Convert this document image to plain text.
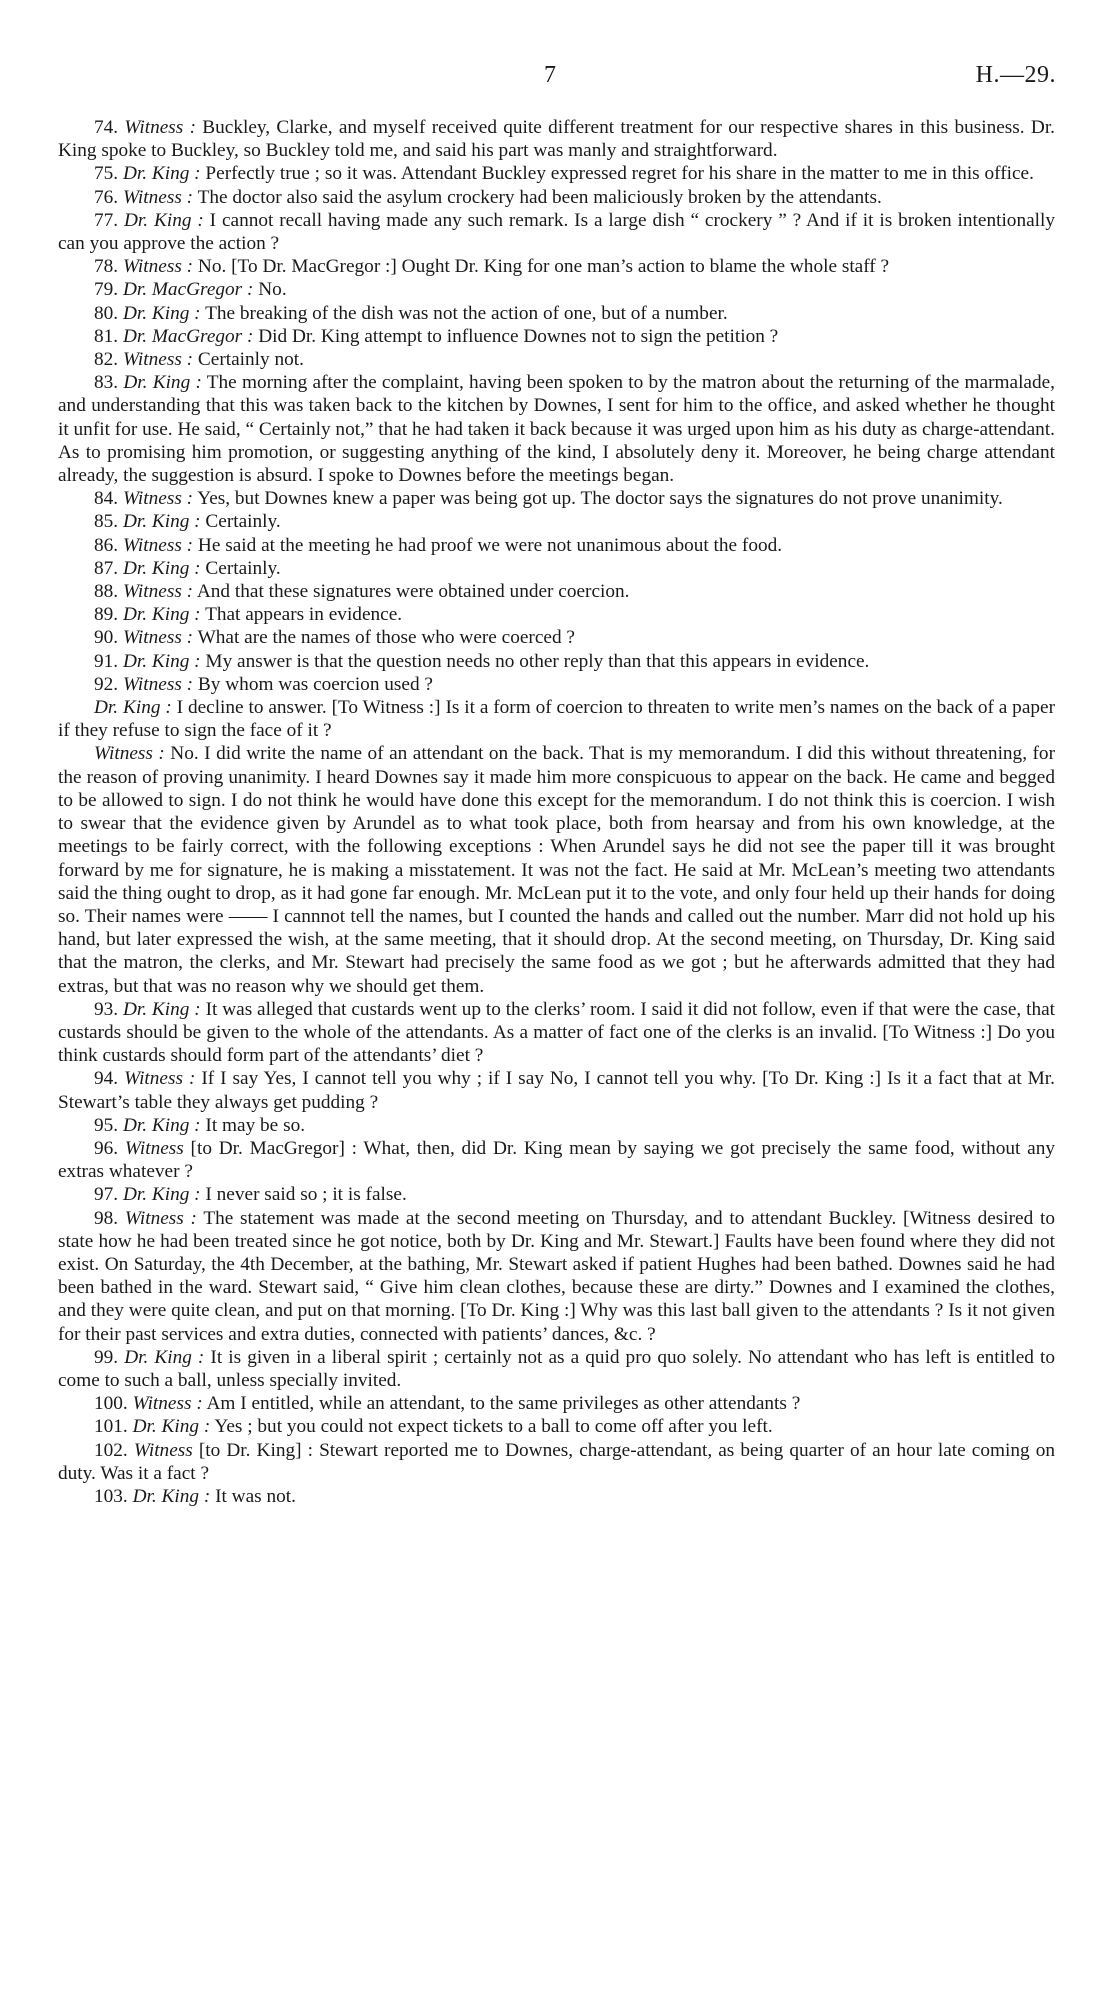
7	H.—29.

74. Witness : Buckley, Clarke, and myself received quite different treatment for our respective shares in this business. Dr. King spoke to Buckley, so Buckley told me, and said his part was manly and straightforward.

75. Dr. King : Perfectly true ; so it was. Attendant Buckley expressed regret for his share in the matter to me in this office.

76. Witness : The doctor also said the asylum crockery had been maliciously broken by the attendants.

77. Dr. King : I cannot recall having made any such remark. Is a large dish “ crockery ” ? And if it is broken intentionally can you approve the action ?

78. Witness : No. [To Dr. MacGregor :] Ought Dr. King for one man’s action to blame the whole staff ?

79. Dr. MacGregor : No.

80. Dr. King : The breaking of the dish was not the action of one, but of a number.

81. Dr. MacGregor : Did Dr. King attempt to influence Downes not to sign the petition ?

82. Witness : Certainly not.

83. Dr. King : The morning after the complaint, having been spoken to by the matron about the returning of the marmalade, and understanding that this was taken back to the kitchen by Downes, I sent for him to the office, and asked whether he thought it unfit for use. He said, “ Certainly not,” that he had taken it back because it was urged upon him as his duty as charge-attendant. As to promising him promotion, or suggesting anything of the kind, I absolutely deny it. Moreover, he being charge attendant already, the suggestion is absurd. I spoke to Downes before the meetings began.

84. Witness : Yes, but Downes knew a paper was being got up. The doctor says the signatures do not prove unanimity.

85. Dr. King : Certainly.

86. Witness : He said at the meeting he had proof we were not unanimous about the food.

87. Dr. King : Certainly.

88. Witness : And that these signatures were obtained under coercion.

89. Dr. King : That appears in evidence.

90. Witness : What are the names of those who were coerced ?

91. Dr. King : My answer is that the question needs no other reply than that this appears in evidence.

92. Witness : By whom was coercion used ?

Dr. King : I decline to answer. [To Witness :] Is it a form of coercion to threaten to write men’s names on the back of a paper if they refuse to sign the face of it ?

Witness : No. I did write the name of an attendant on the back. That is my memorandum. I did this without threatening, for the reason of proving unanimity. I heard Downes say it made him more conspicuous to appear on the back. He came and begged to be allowed to sign. I do not think he would have done this except for the memorandum. I do not think this is coercion. I wish to swear that the evidence given by Arundel as to what took place, both from hearsay and from his own knowledge, at the meetings to be fairly correct, with the following exceptions : When Arundel says he did not see the paper till it was brought forward by me for signature, he is making a misstatement. It was not the fact. He said at Mr. McLean’s meeting two attendants said the thing ought to drop, as it had gone far enough. Mr. McLean put it to the vote, and only four held up their hands for doing so. Their names were —— I cannnot tell the names, but I counted the hands and called out the number. Marr did not hold up his hand, but later expressed the wish, at the same meeting, that it should drop. At the second meeting, on Thursday, Dr. King said that the matron, the clerks, and Mr. Stewart had precisely the same food as we got ; but he afterwards admitted that they had extras, but that was no reason why we should get them.

93. Dr. King : It was alleged that custards went up to the clerks’ room. I said it did not follow, even if that were the case, that custards should be given to the whole of the attendants. As a matter of fact one of the clerks is an invalid. [To Witness :] Do you think custards should form part of the attendants’ diet ?

94. Witness : If I say Yes, I cannot tell you why ; if I say No, I cannot tell you why. [To Dr. King :] Is it a fact that at Mr. Stewart’s table they always get pudding ?

95. Dr. King : It may be so.

96. Witness [to Dr. MacGregor] : What, then, did Dr. King mean by saying we got precisely the same food, without any extras whatever ?

97. Dr. King : I never said so ; it is false.

98. Witness : The statement was made at the second meeting on Thursday, and to attendant Buckley. [Witness desired to state how he had been treated since he got notice, both by Dr. King and Mr. Stewart.] Faults have been found where they did not exist. On Saturday, the 4th December, at the bathing, Mr. Stewart asked if patient Hughes had been bathed. Downes said he had been bathed in the ward. Stewart said, “ Give him clean clothes, because these are dirty.” Downes and I examined the clothes, and they were quite clean, and put on that morning. [To Dr. King :] Why was this last ball given to the attendants ? Is it not given for their past services and extra duties, connected with patients’ dances, &c. ?

99. Dr. King : It is given in a liberal spirit ; certainly not as a quid pro quo solely. No attendant who has left is entitled to come to such a ball, unless specially invited.

100. Witness : Am I entitled, while an attendant, to the same privileges as other attendants ?

101. Dr. King : Yes ; but you could not expect tickets to a ball to come off after you left.

102. Witness [to Dr. King] : Stewart reported me to Downes, charge-attendant, as being quarter of an hour late coming on duty. Was it a fact ?

103. Dr. King : It was not.
